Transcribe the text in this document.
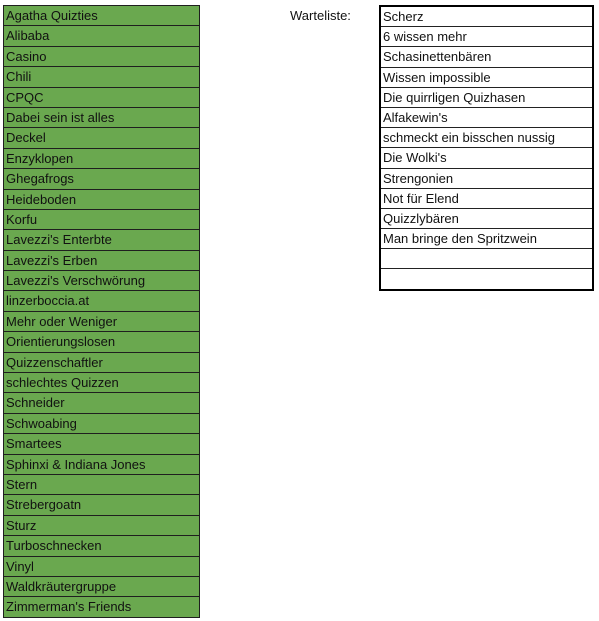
Agatha Quizties
Alibaba
Casino
Chili
CPQC
Dabei sein ist alles
Deckel
Enzyklopen
Ghegafrogs
Heideboden
Korfu
Lavezzi's Enterbte
Lavezzi's Erben
Lavezzi's Verschwörung
linzerboccia.at
Mehr oder Weniger
Orientierungslosen
Quizzenschaftler
schlechtes Quizzen
Schneider
Schwoabing
Smartees
Sphinxi & Indiana Jones
Stern
Strebergoatn
Sturz
Turboschnecken
Vinyl
Waldkräutergruppe
Zimmerman's Friends
Warteliste: Scherz
6 wissen mehr
Schasinettenbären
Wissen impossible
Die quirrligen Quizhasen
Alfakewin's
schmeckt ein bisschen nussig
Die Wolki's
Strengonien
Not für Elend
Quizzlybären
Man bringe den Spritzwein
